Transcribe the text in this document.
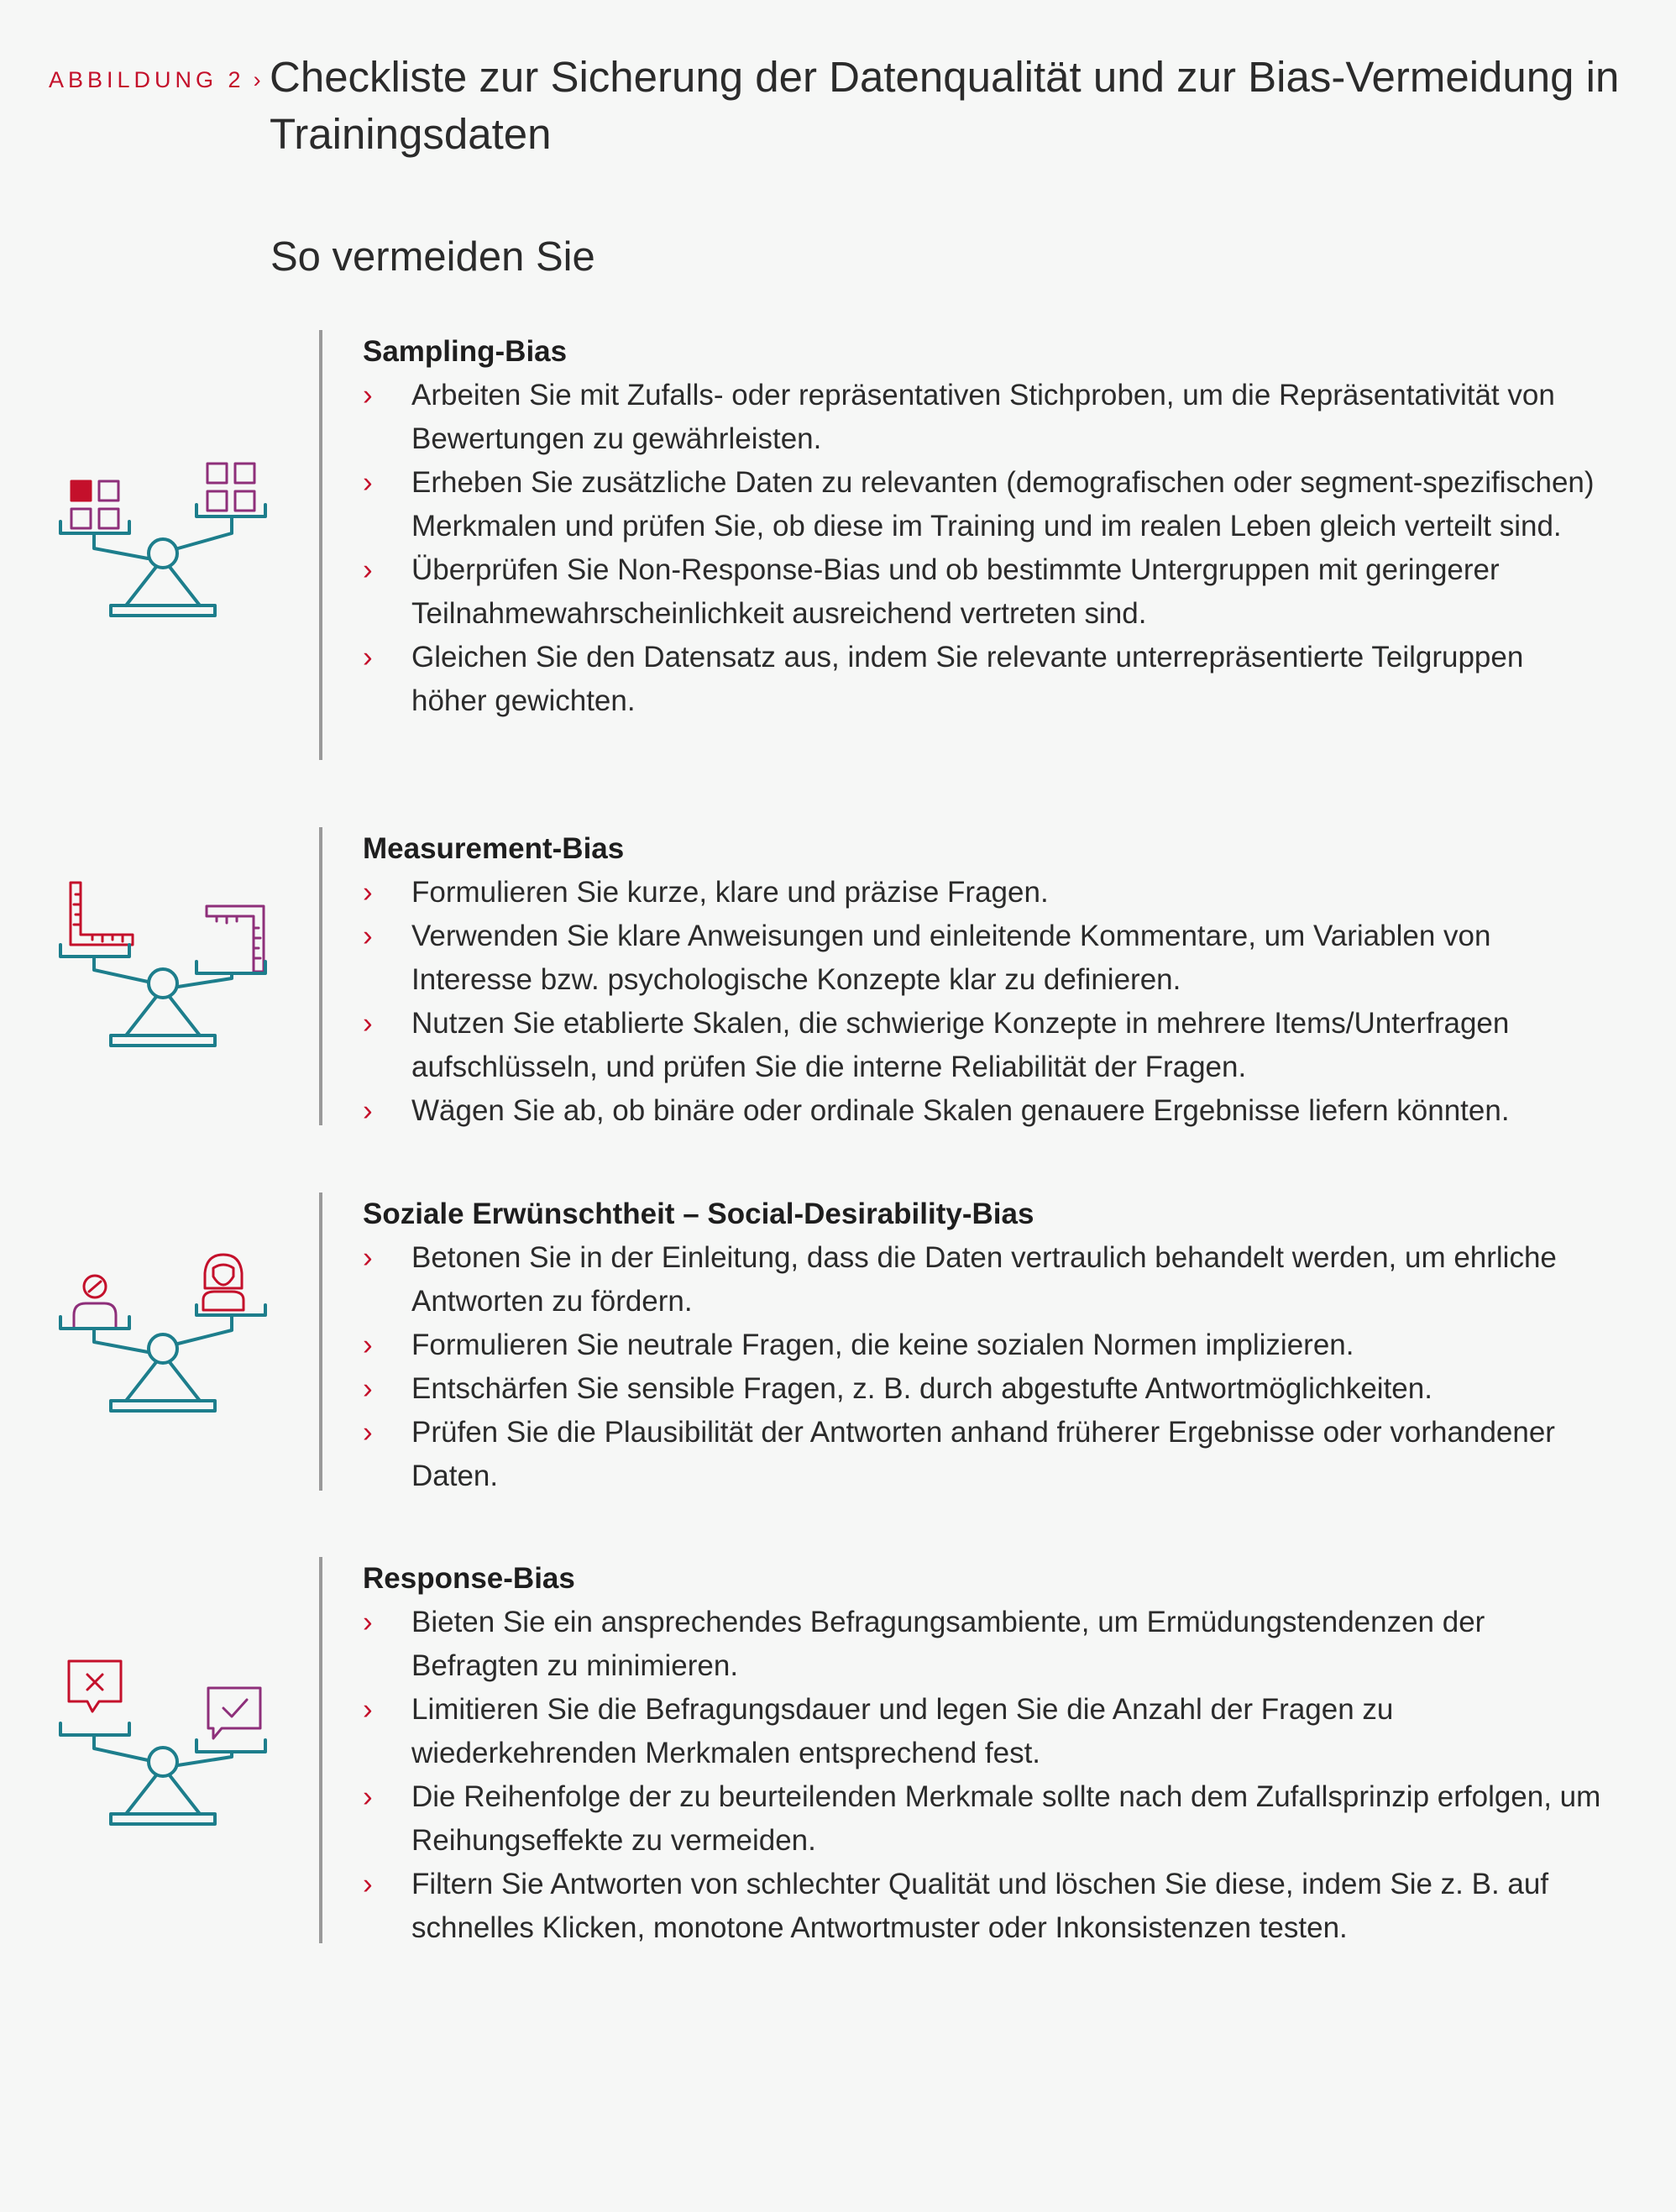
ABBILDUNG 2 › Checkliste zur Sicherung der Datenqualität und zur Bias-Vermeidung in Trainingsdaten
So vermeiden Sie
Sampling-Bias
› Arbeiten Sie mit Zufalls- oder repräsentativen Stichproben, um die Repräsentativität von Bewertungen zu gewährleisten.
› Erheben Sie zusätzliche Daten zu relevanten (demografischen oder segment-spezifischen) Merkmalen und prüfen Sie, ob diese im Training und im realen Leben gleich verteilt sind.
› Überprüfen Sie Non-Response-Bias und ob bestimmte Untergruppen mit geringerer Teilnahmewahrscheinlichkeit ausreichend vertreten sind.
› Gleichen Sie den Datensatz aus, indem Sie relevante unterrepräsentierte Teilgruppen höher gewichten.
Measurement-Bias
› Formulieren Sie kurze, klare und präzise Fragen.
› Verwenden Sie klare Anweisungen und einleitende Kommentare, um Variablen von Interesse bzw. psychologische Konzepte klar zu definieren.
› Nutzen Sie etablierte Skalen, die schwierige Konzepte in mehrere Items/Unterfragen aufschlüsseln, und prüfen Sie die interne Reliabilität der Fragen.
› Wägen Sie ab, ob binäre oder ordinale Skalen genauere Ergebnisse liefern könnten.
Soziale Erwünschtheit – Social-Desirability-Bias
› Betonen Sie in der Einleitung, dass die Daten vertraulich behandelt werden, um ehrliche Antworten zu fördern.
› Formulieren Sie neutrale Fragen, die keine sozialen Normen implizieren.
› Entschärfen Sie sensible Fragen, z. B. durch abgestufte Antwortmöglichkeiten.
› Prüfen Sie die Plausibilität der Antworten anhand früherer Ergebnisse oder vorhandener Daten.
Response-Bias
› Bieten Sie ein ansprechendes Befragungsambiente, um Ermüdungstendenzen der Befragten zu minimieren.
› Limitieren Sie die Befragungsdauer und legen Sie die Anzahl der Fragen zu wiederkehrenden Merkmalen entsprechend fest.
› Die Reihenfolge der zu beurteilenden Merkmale sollte nach dem Zufallsprinzip erfolgen, um Reihungseffekte zu vermeiden.
› Filtern Sie Antworten von schlechter Qualität und löschen Sie diese, indem Sie z. B. auf schnelles Klicken, monotone Antwortmuster oder Inkonsistenzen testen.
